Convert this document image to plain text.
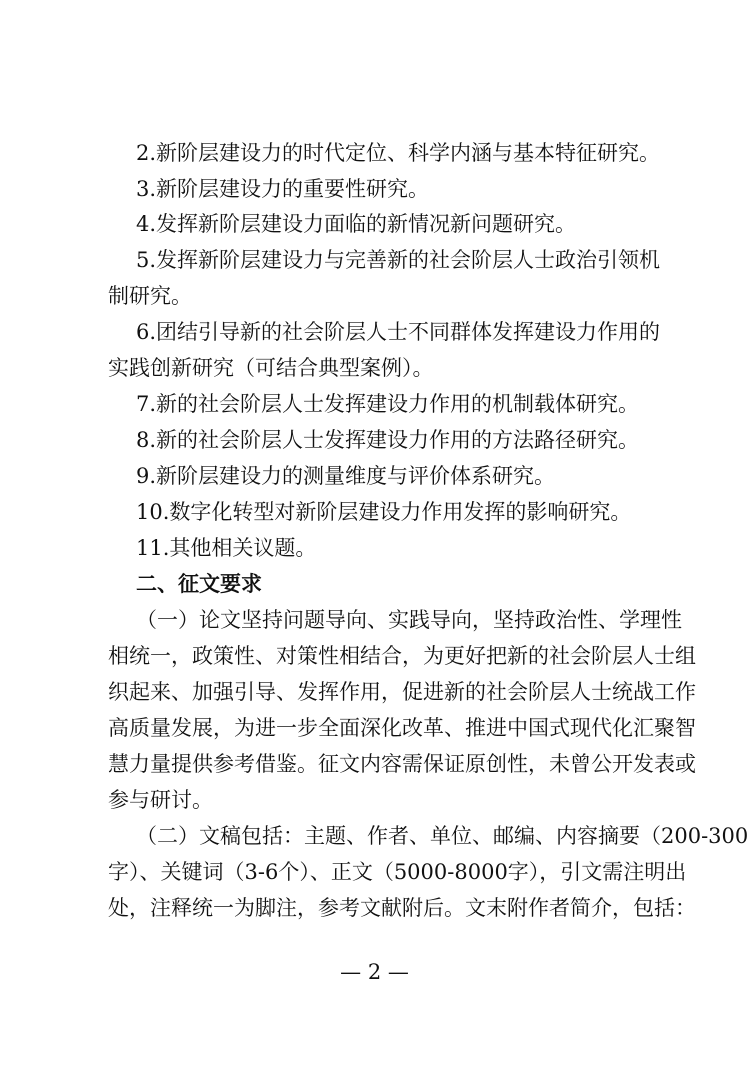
2.新阶层建设力的时代定位、科学内涵与基本特征研究。
3.新阶层建设力的重要性研究。
4.发挥新阶层建设力面临的新情况新问题研究。
5.发挥新阶层建设力与完善新的社会阶层人士政治引领机
制研究。
6.团结引导新的社会阶层人士不同群体发挥建设力作用的
实践创新研究（可结合典型案例）。
7.新的社会阶层人士发挥建设力作用的机制载体研究。
8.新的社会阶层人士发挥建设力作用的方法路径研究。
9.新阶层建设力的测量维度与评价体系研究。
10.数字化转型对新阶层建设力作用发挥的影响研究。
11.其他相关议题。
二、征文要求
（一）论文坚持问题导向、实践导向，坚持政治性、学理性
相统一，政策性、对策性相结合，为更好把新的社会阶层人士组
织起来、加强引导、发挥作用，促进新的社会阶层人士统战工作
高质量发展，为进一步全面深化改革、推进中国式现代化汇聚智
慧力量提供参考借鉴。征文内容需保证原创性，未曾公开发表或
参与研讨。
（二）文稿包括：主题、作者、单位、邮编、内容摘要（200-300
字）、关键词（3-6个）、正文（5000-8000字），引文需注明出
处，注释统一为脚注，参考文献附后。文末附作者简介，包括：
— 2 —
